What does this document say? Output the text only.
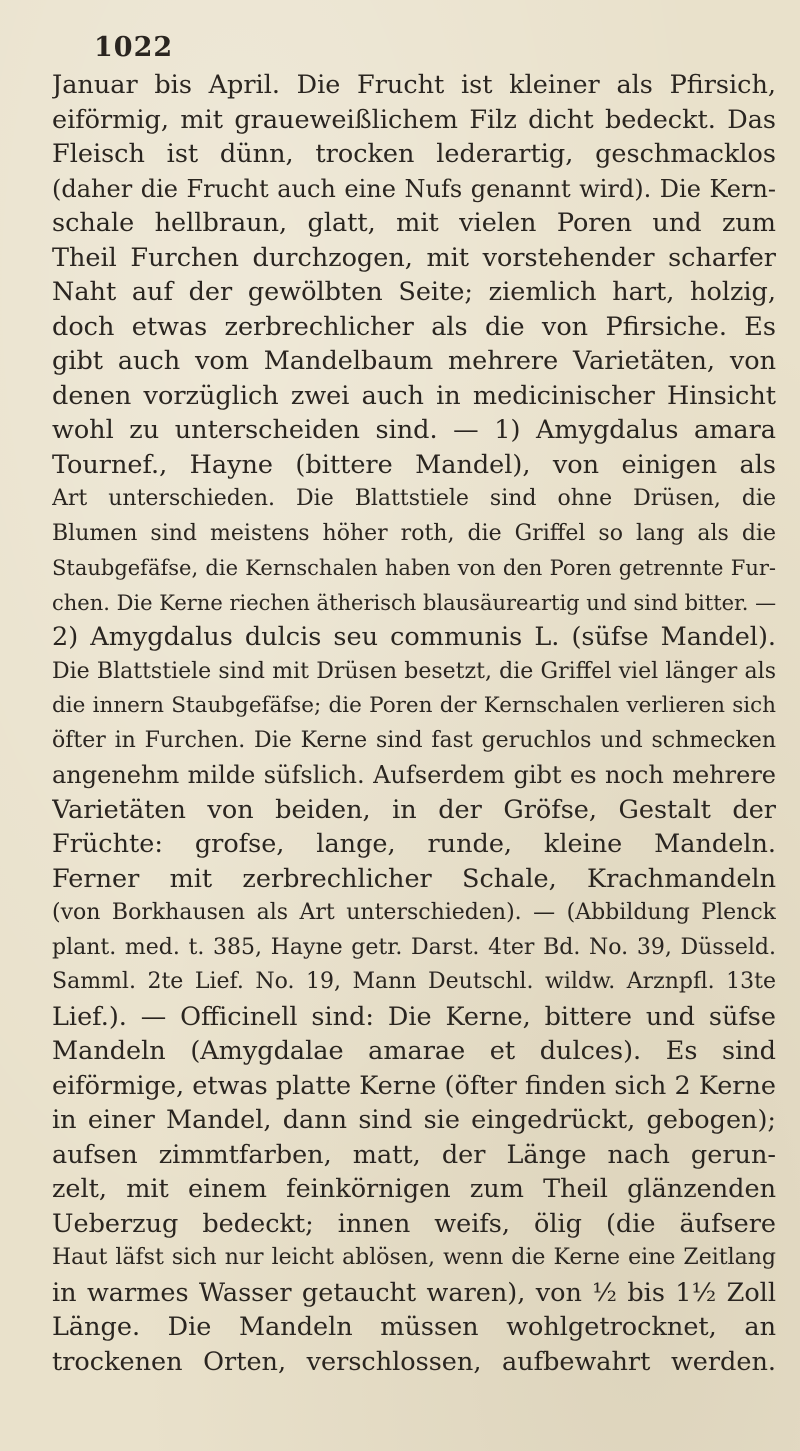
1022
Januar bis April. Die Frucht ist kleiner als Pfirsich,
eiförmig, mit graueweißlichem Filz dicht bedeckt. Das
Fleisch ist dünn, trocken lederartig, geschmacklos
(daher die Frucht auch eine Nufs genannt wird). Die Kern-
schale hellbraun, glatt, mit vielen Poren und zum
Theil Furchen durchzogen, mit vorstehender scharfer
Naht auf der gewölbten Seite; ziemlich hart, holzig,
doch etwas zerbrechlicher als die von Pfirsiche. Es
gibt auch vom Mandelbaum mehrere Varietäten, von
denen vorzüglich zwei auch in medicinischer Hinsicht
wohl zu unterscheiden sind. — 1) Amygdalus amara
Tournef., Hayne (bittere Mandel), von einigen als
Art unterschieden. Die Blattstiele sind ohne Drüsen, die
Blumen sind meistens höher roth, die Griffel so lang als die
Staubgefäfse, die Kernschalen haben von den Poren getrennte Fur-
chen. Die Kerne riechen ätherisch blausäureartig und sind bitter. —
2) Amygdalus dulcis seu communis L. (süfse Mandel).
Die Blattstiele sind mit Drüsen besetzt, die Griffel viel länger als
die innern Staubgefäfse; die Poren der Kernschalen verlieren sich
öfter in Furchen. Die Kerne sind fast geruchlos und schmecken
angenehm milde süfslich. Aufserdem gibt es noch mehrere
Varietäten von beiden, in der Gröfse, Gestalt der
Früchte: grofse, lange, runde, kleine Mandeln.
Ferner mit zerbrechlicher Schale, Krachmandeln
(von Borkhausen als Art unterschieden). — (Abbildung Plenck
plant. med. t. 385, Hayne getr. Darst. 4ter Bd. No. 39, Düsseld.
Samml. 2te Lief. No. 19, Mann Deutschl. wildw. Arznpfl. 13te
Lief.). — Officinell sind: Die Kerne, bittere und süfse
Mandeln (Amygdalae amarae et dulces). Es sind
eiförmige, etwas platte Kerne (öfter finden sich 2 Kerne
in einer Mandel, dann sind sie eingedrückt, gebogen);
aufsen zimmtfarben, matt, der Länge nach gerun-
zelt, mit einem feinkörnigen zum Theil glänzenden
Ueberzug bedeckt; innen weifs, ölig (die äufsere
Haut läfst sich nur leicht ablösen, wenn die Kerne eine Zeitlang
in warmes Wasser getaucht waren), von ½ bis 1½ Zoll
Länge. Die Mandeln müssen wohlgetrocknet, an
trockenen Orten, verschlossen, aufbewahrt werden.
